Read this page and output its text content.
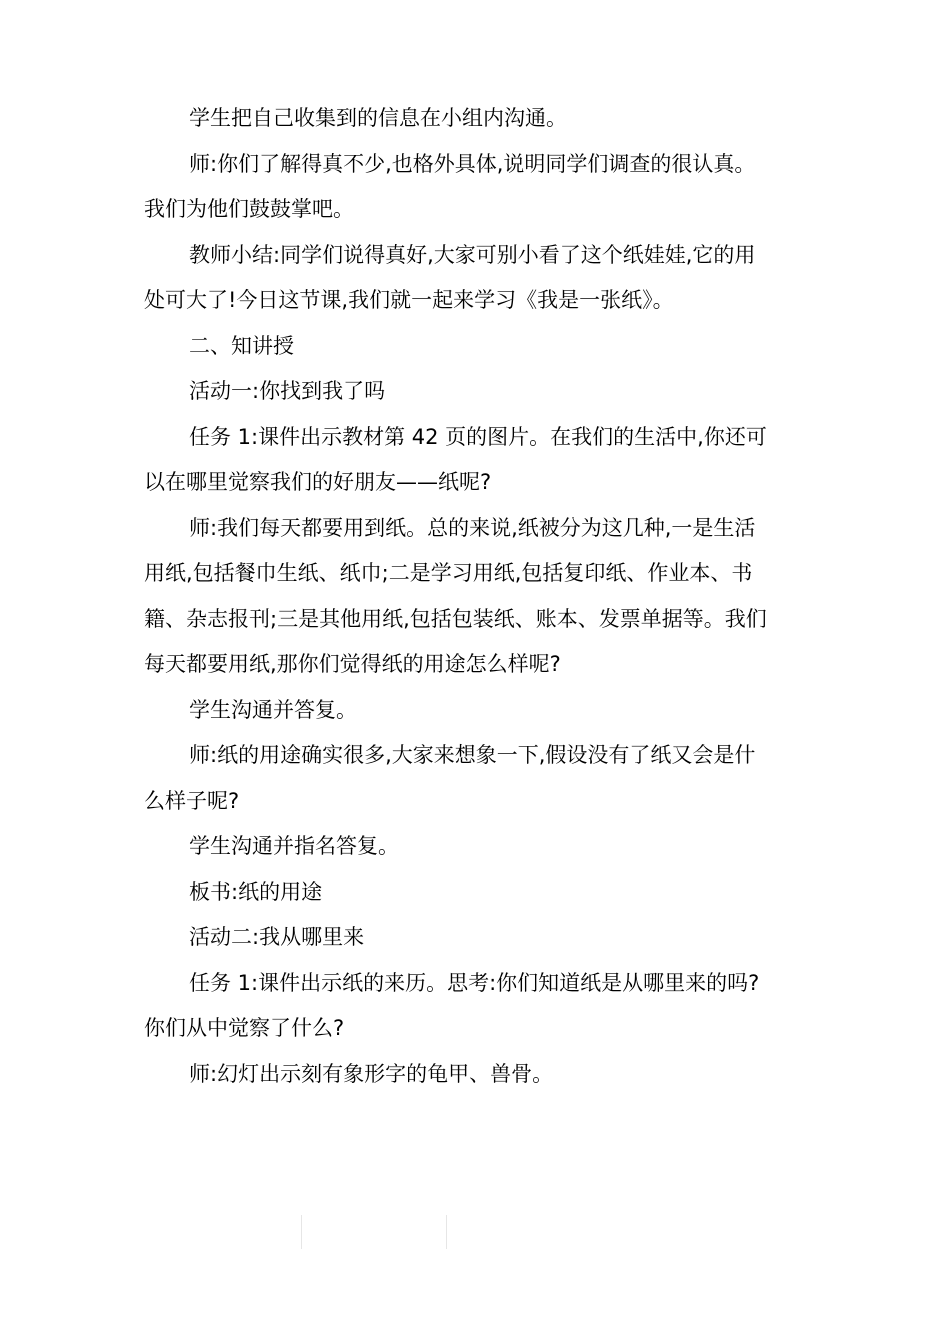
学生把自己收集到的信息在小组内沟通。

师:你们了解得真不少,也格外具体,说明同学们调查的很认真。
我们为他们鼓鼓掌吧。

教师小结:同学们说得真好,大家可别小看了这个纸娃娃,它的用
处可大了!今日这节课,我们就一起来学习《我是一张纸》。

二、知讲授

活动一:你找到我了吗

任务 1:课件出示教材第 42 页的图片。在我们的生活中,你还可
以在哪里觉察我们的好朋友——纸呢?

师:我们每天都要用到纸。总的来说,纸被分为这几种,一是生活
用纸,包括餐巾生纸、纸巾;二是学习用纸,包括复印纸、作业本、书
籍、杂志报刊;三是其他用纸,包括包装纸、账本、发票单据等。我们
每天都要用纸,那你们觉得纸的用途怎么样呢?

学生沟通并答复。

师:纸的用途确实很多,大家来想象一下,假设没有了纸又会是什
么样子呢?

学生沟通并指名答复。

板书:纸的用途

活动二:我从哪里来

任务 1:课件出示纸的来历。思考:你们知道纸是从哪里来的吗?
你们从中觉察了什么?

师:幻灯出示刻有象形字的龟甲、兽骨。
